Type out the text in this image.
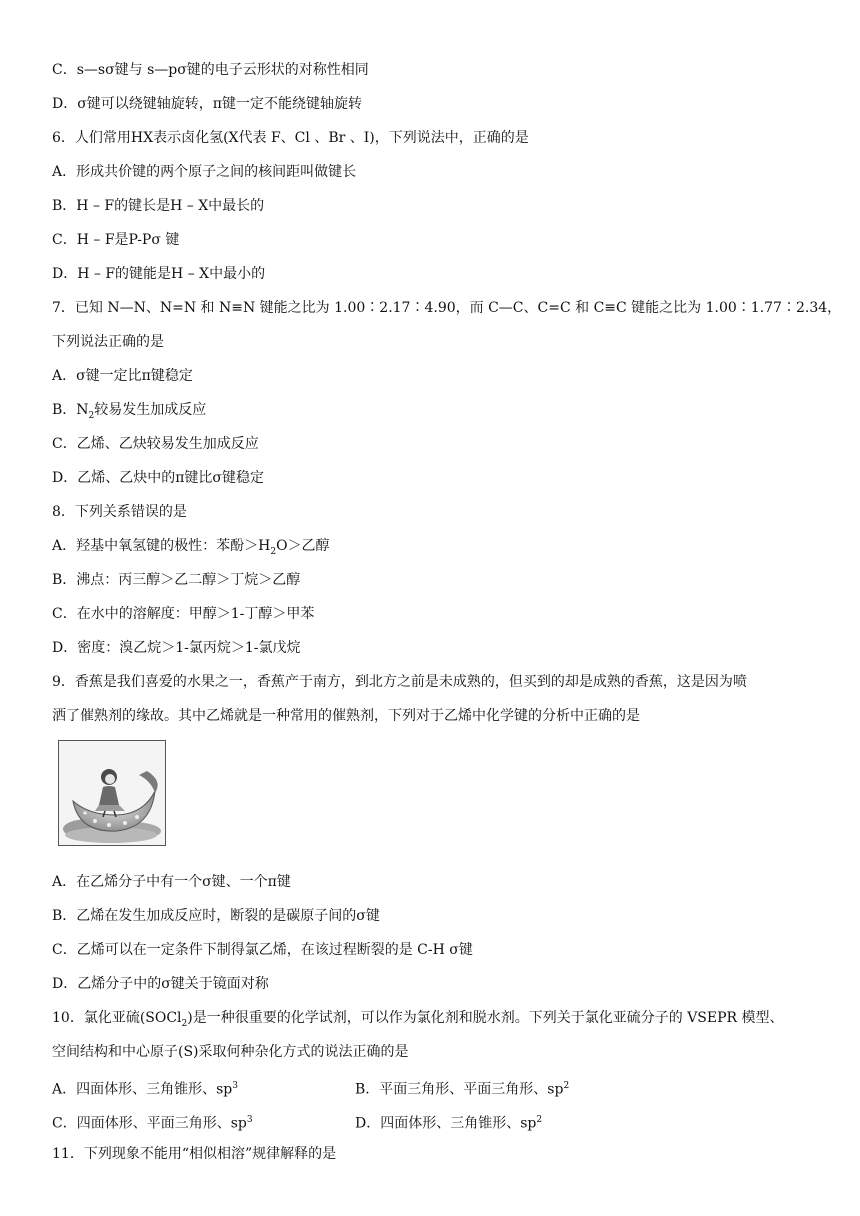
C．s—sσ键与 s—pσ键的电子云形状的对称性相同
D．σ键可以绕键轴旋转，π键一定不能绕键轴旋转
6．人们常用HX表示卤化氢(X代表 F、Cl 、Br 、I)，下列说法中，正确的是
A．形成共价键的两个原子之间的核间距叫做键长
B．H – F的键长是H – X中最长的
C．H – F是P-Pσ 键
D．H – F的键能是H – X中最小的
7．已知 N—N、N=N 和 N≡N 键能之比为 1.00∶2.17∶4.90，而 C—C、C=C 和 C≡C 键能之比为 1.00∶1.77∶2.34，
下列说法正确的是
A．σ键一定比π键稳定
B．$N_2$较易发生加成反应
C．乙烯、乙炔较易发生加成反应
D．乙烯、乙炔中的π键比σ键稳定
8．下列关系错误的是
A．羟基中氧氢键的极性：苯酚$>H_2O>$乙醇
B．沸点：丙三醇＞乙二醇＞丁烷＞乙醇
C．在水中的溶解度：甲醇＞1-丁醇＞甲苯
D．密度：溴乙烷＞1-氯丙烷＞1-氯戊烷
9．香蕉是我们喜爱的水果之一，香蕉产于南方，到北方之前是未成熟的，但买到的却是成熟的香蕉，这是因为喷
洒了催熟剂的缘故。其中乙烯就是一种常用的催熟剂，下列对于乙烯中化学键的分析中正确的是
A．在乙烯分子中有一个σ键、一个π键
B．乙烯在发生加成反应时，断裂的是碳原子间的σ键
C．乙烯可以在一定条件下制得氯乙烯，在该过程断裂的是 C-H σ键
D．乙烯分子中的σ键关于镜面对称
10．氯化亚硫(SOCl$_2$)是一种很重要的化学试剂，可以作为氯化剂和脱水剂。下列关于氯化亚硫分子的 VSEPR 模型、
空间结构和中心原子(S)采取何种杂化方式的说法正确的是
A．四面体形、三角锥形、$sp^3$	B．平面三角形、平面三角形、$sp^2$
C．四面体形、平面三角形、$sp^3$	D．四面体形、三角锥形、$sp^2$
11．下列现象不能用“相似相溶”规律解释的是
